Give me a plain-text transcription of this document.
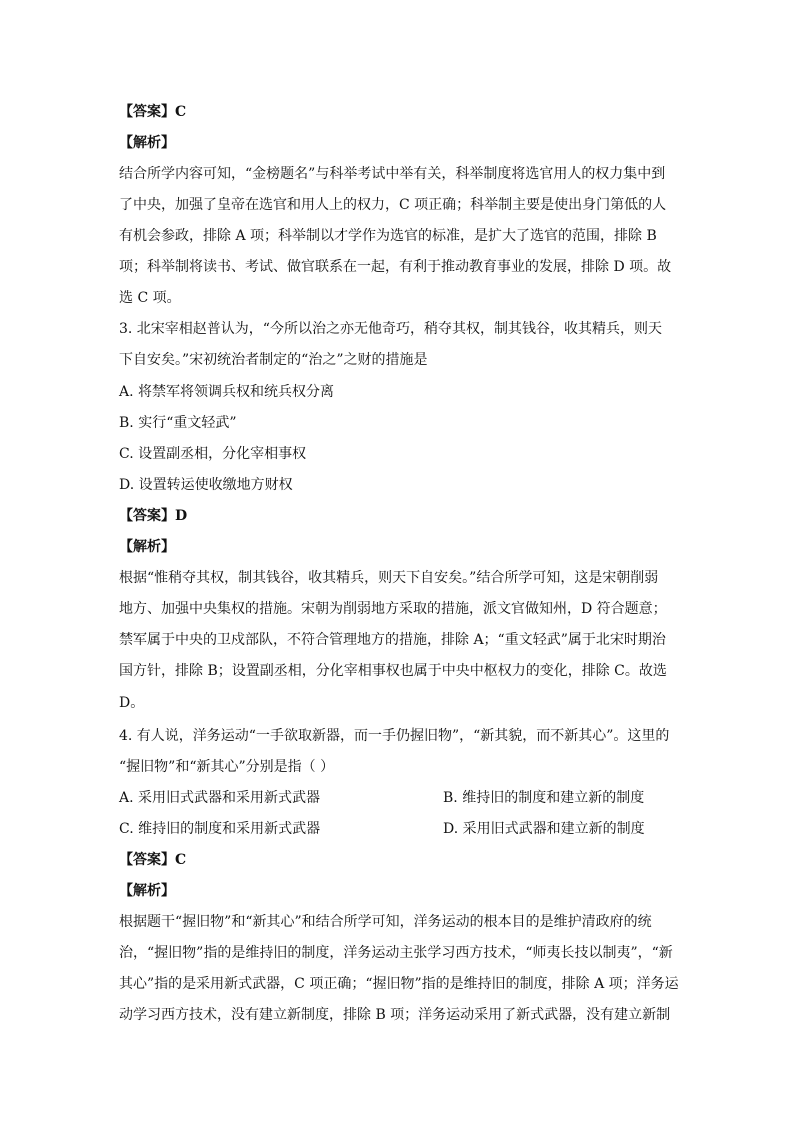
【答案】C
【解析】
结合所学内容可知，“金榜题名”与科举考试中举有关，科举制度将选官用人的权力集中到
了中央，加强了皇帝在选官和用人上的权力，C 项正确；科举制主要是使出身门第低的人
有机会参政，排除 A 项；科举制以才学作为选官的标准，是扩大了选官的范围，排除 B
项；科举制将读书、考试、做官联系在一起，有利于推动教育事业的发展，排除 D 项。故
选 C 项。
3. 北宋宰相赵普认为，“今所以治之亦无他奇巧，稍夺其权，制其钱谷，收其精兵，则天
下自安矣。”宋初统治者制定的“治之”之财的措施是
A. 将禁军将领调兵权和统兵权分离
B. 实行“重文轻武”
C. 设置副丞相，分化宰相事权
D. 设置转运使收缴地方财权
【答案】D
【解析】
根据“惟稍夺其权，制其钱谷，收其精兵，则天下自安矣。”结合所学可知，这是宋朝削弱
地方、加强中央集权的措施。宋朝为削弱地方采取的措施，派文官做知州，D 符合题意；
禁军属于中央的卫戍部队，不符合管理地方的措施，排除 A；“重文轻武”属于北宋时期治
国方针，排除 B；设置副丞相，分化宰相事权也属于中央中枢权力的变化，排除 C。故选
D。
4. 有人说，洋务运动“一手欲取新器，而一手仍握旧物”，“新其貌，而不新其心”。这里的
“握旧物”和“新其心”分别是指（ ）
A. 采用旧式武器和采用新式武器	B. 维持旧的制度和建立新的制度
C. 维持旧的制度和采用新式武器	D. 采用旧式武器和建立新的制度
【答案】C
【解析】
根据题干“握旧物”和“新其心”和结合所学可知，洋务运动的根本目的是维护清政府的统
治，“握旧物”指的是维持旧的制度，洋务运动主张学习西方技术，“师夷长技以制夷”，“新
其心”指的是采用新式武器，C 项正确；“握旧物”指的是维持旧的制度，排除 A 项；洋务运
动学习西方技术，没有建立新制度，排除 B 项；洋务运动采用了新式武器，没有建立新制
